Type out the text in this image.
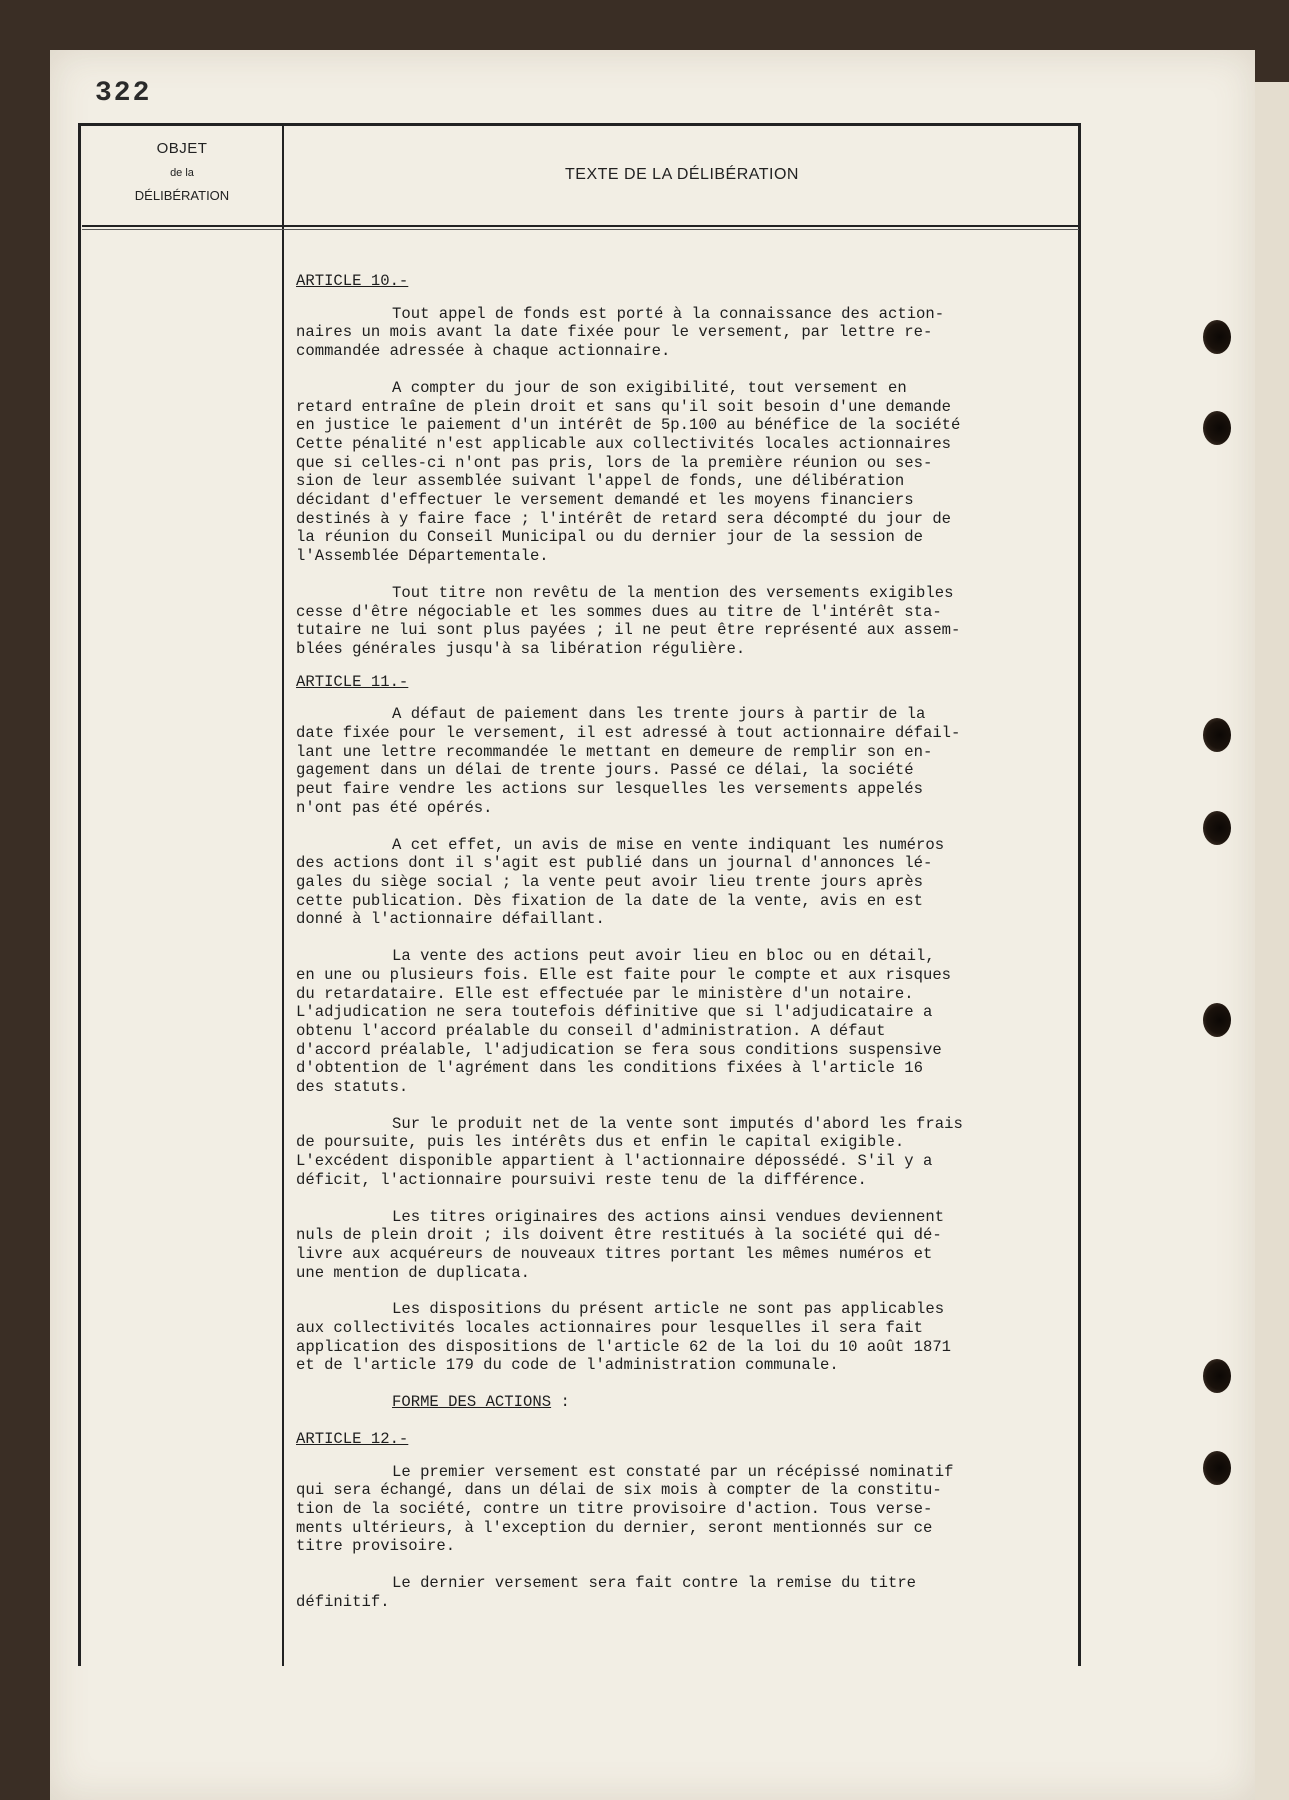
322
OBJET
de la
DÉLIBÉRATION
TEXTE DE LA DÉLIBÉRATION
ARTICLE 10.-
Tout appel de fonds est porté à la connaissance des action-
naires un mois avant la date fixée pour le versement, par lettre re-
commandée adressée à chaque actionnaire.
A compter du jour de son exigibilité, tout versement en
retard entraîne de plein droit et sans qu'il soit besoin d'une demande
en justice le paiement d'un intérêt de 5p.100 au bénéfice de la société
Cette pénalité n'est applicable aux collectivités locales actionnaires
que si celles-ci n'ont pas pris, lors de la première réunion ou ses-
sion de leur assemblée suivant l'appel de fonds, une délibération
décidant d'effectuer le versement demandé et les moyens financiers
destinés à y faire face ; l'intérêt de retard sera décompté du jour de
la réunion du Conseil Municipal ou du dernier jour de la session de
l'Assemblée Départementale.
Tout titre non revêtu de la mention des versements exigibles
cesse d'être négociable et les sommes dues au titre de l'intérêt sta-
tutaire ne lui sont plus payées ; il ne peut être représenté aux assem-
blées générales jusqu'à sa libération régulière.
ARTICLE 11.-
A défaut de paiement dans les trente jours à partir de la
date fixée pour le versement, il est adressé à tout actionnaire défail-
lant une lettre recommandée le mettant en demeure de remplir son en-
gagement dans un délai de trente jours. Passé ce délai, la société
peut faire vendre les actions sur lesquelles les versements appelés
n'ont pas été opérés.
A cet effet, un avis de mise en vente indiquant les numéros
des actions dont il s'agit est publié dans un journal d'annonces lé-
gales du siège social ; la vente peut avoir lieu trente jours après
cette publication. Dès fixation de la date de la vente, avis en est
donné à l'actionnaire défaillant.
La vente des actions peut avoir lieu en bloc ou en détail,
en une ou plusieurs fois. Elle est faite pour le compte et aux risques
du retardataire. Elle est effectuée par le ministère d'un notaire.
L'adjudication ne sera toutefois définitive que si l'adjudicataire a
obtenu l'accord préalable du conseil d'administration. A défaut
d'accord préalable, l'adjudication se fera sous conditions suspensive
d'obtention de l'agrément dans les conditions fixées à l'article 16
des statuts.
Sur le produit net de la vente sont imputés d'abord les frais
de poursuite, puis les intérêts dus et enfin le capital exigible.
L'excédent disponible appartient à l'actionnaire dépossédé. S'il y a
déficit, l'actionnaire poursuivi reste tenu de la différence.
Les titres originaires des actions ainsi vendues deviennent
nuls de plein droit ; ils doivent être restitués à la société qui dé-
livre aux acquéreurs de nouveaux titres portant les mêmes numéros et
une mention de duplicata.
Les dispositions du présent article ne sont pas applicables
aux collectivités locales actionnaires pour lesquelles il sera fait
application des dispositions de l'article 62 de la loi du 10 août 1871
et de l'article 179 du code de l'administration communale.
FORME DES ACTIONS :
ARTICLE 12.-
Le premier versement est constaté par un récépissé nominatif
qui sera échangé, dans un délai de six mois à compter de la constitu-
tion de la société, contre un titre provisoire d'action. Tous verse-
ments ultérieurs, à l'exception du dernier, seront mentionnés sur ce
titre provisoire.
Le dernier versement sera fait contre la remise du titre
définitif.
